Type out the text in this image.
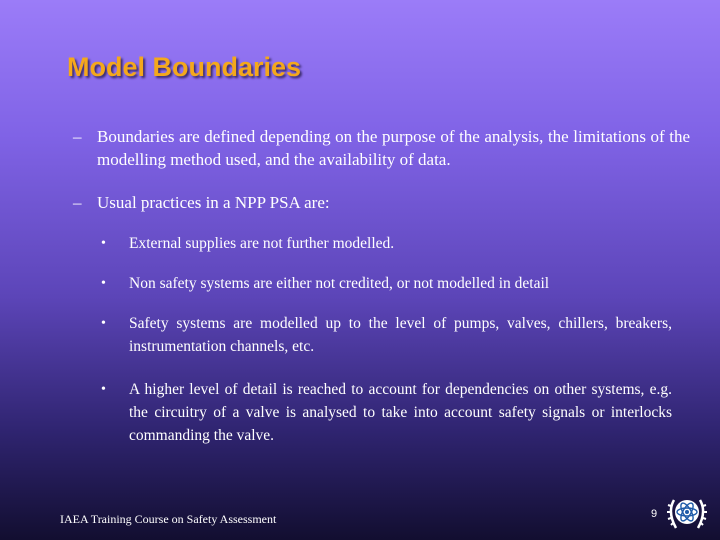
Model Boundaries
– Boundaries are defined depending on the purpose of the analysis, the limitations of the modelling method used, and the availability of data.
– Usual practices in a NPP PSA are:
• External supplies are not further modelled.
• Non safety systems are either not credited, or not modelled in detail
• Safety systems are modelled up to the level of pumps, valves, chillers, breakers, instrumentation channels, etc.
• A higher level of detail is reached to account for dependencies on other systems, e.g. the circuitry of a valve is analysed to take into account safety signals or interlocks commanding the valve.
IAEA Training Course on Safety Assessment	9
